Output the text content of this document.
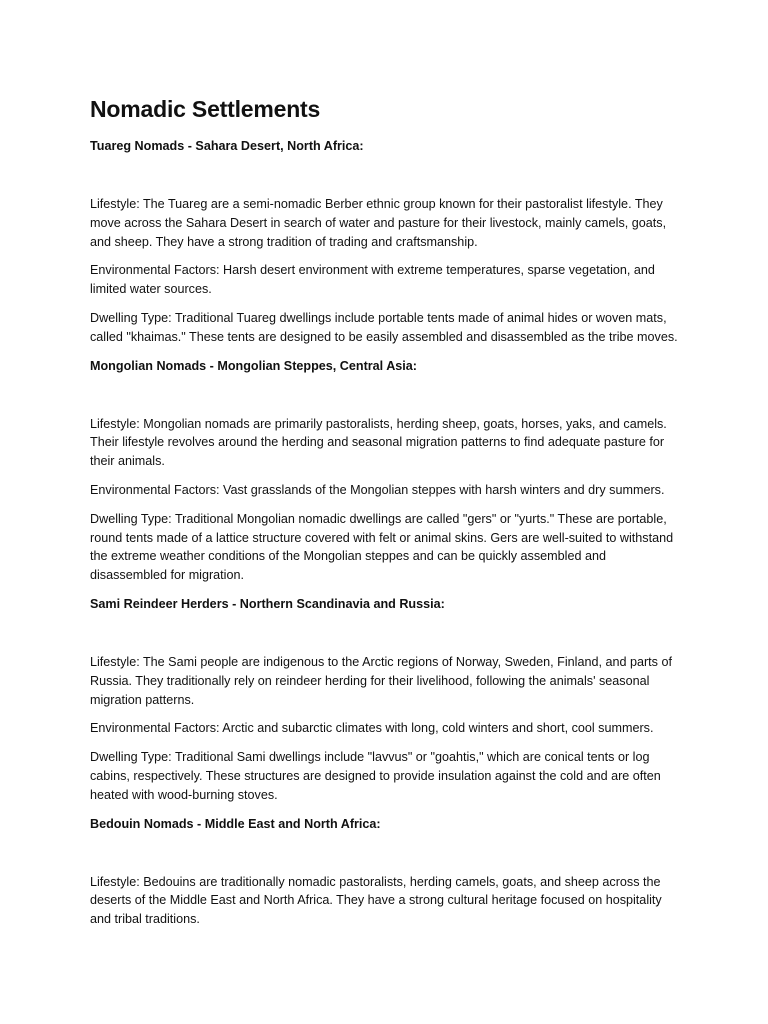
Nomadic Settlements

Tuareg Nomads - Sahara Desert, North Africa:

Lifestyle: The Tuareg are a semi-nomadic Berber ethnic group known for their pastoralist lifestyle. They move across the Sahara Desert in search of water and pasture for their livestock, mainly camels, goats, and sheep. They have a strong tradition of trading and craftsmanship.

Environmental Factors: Harsh desert environment with extreme temperatures, sparse vegetation, and limited water sources.

Dwelling Type: Traditional Tuareg dwellings include portable tents made of animal hides or woven mats, called "khaimas." These tents are designed to be easily assembled and disassembled as the tribe moves.

Mongolian Nomads - Mongolian Steppes, Central Asia:

Lifestyle: Mongolian nomads are primarily pastoralists, herding sheep, goats, horses, yaks, and camels. Their lifestyle revolves around the herding and seasonal migration patterns to find adequate pasture for their animals.

Environmental Factors: Vast grasslands of the Mongolian steppes with harsh winters and dry summers.

Dwelling Type: Traditional Mongolian nomadic dwellings are called "gers" or "yurts." These are portable, round tents made of a lattice structure covered with felt or animal skins. Gers are well-suited to withstand the extreme weather conditions of the Mongolian steppes and can be quickly assembled and disassembled for migration.

Sami Reindeer Herders - Northern Scandinavia and Russia:

Lifestyle: The Sami people are indigenous to the Arctic regions of Norway, Sweden, Finland, and parts of Russia. They traditionally rely on reindeer herding for their livelihood, following the animals' seasonal migration patterns.

Environmental Factors: Arctic and subarctic climates with long, cold winters and short, cool summers.

Dwelling Type: Traditional Sami dwellings include "lavvus" or "goahtis," which are conical tents or log cabins, respectively. These structures are designed to provide insulation against the cold and are often heated with wood-burning stoves.

Bedouin Nomads - Middle East and North Africa:

Lifestyle: Bedouins are traditionally nomadic pastoralists, herding camels, goats, and sheep across the deserts of the Middle East and North Africa. They have a strong cultural heritage focused on hospitality and tribal traditions.
